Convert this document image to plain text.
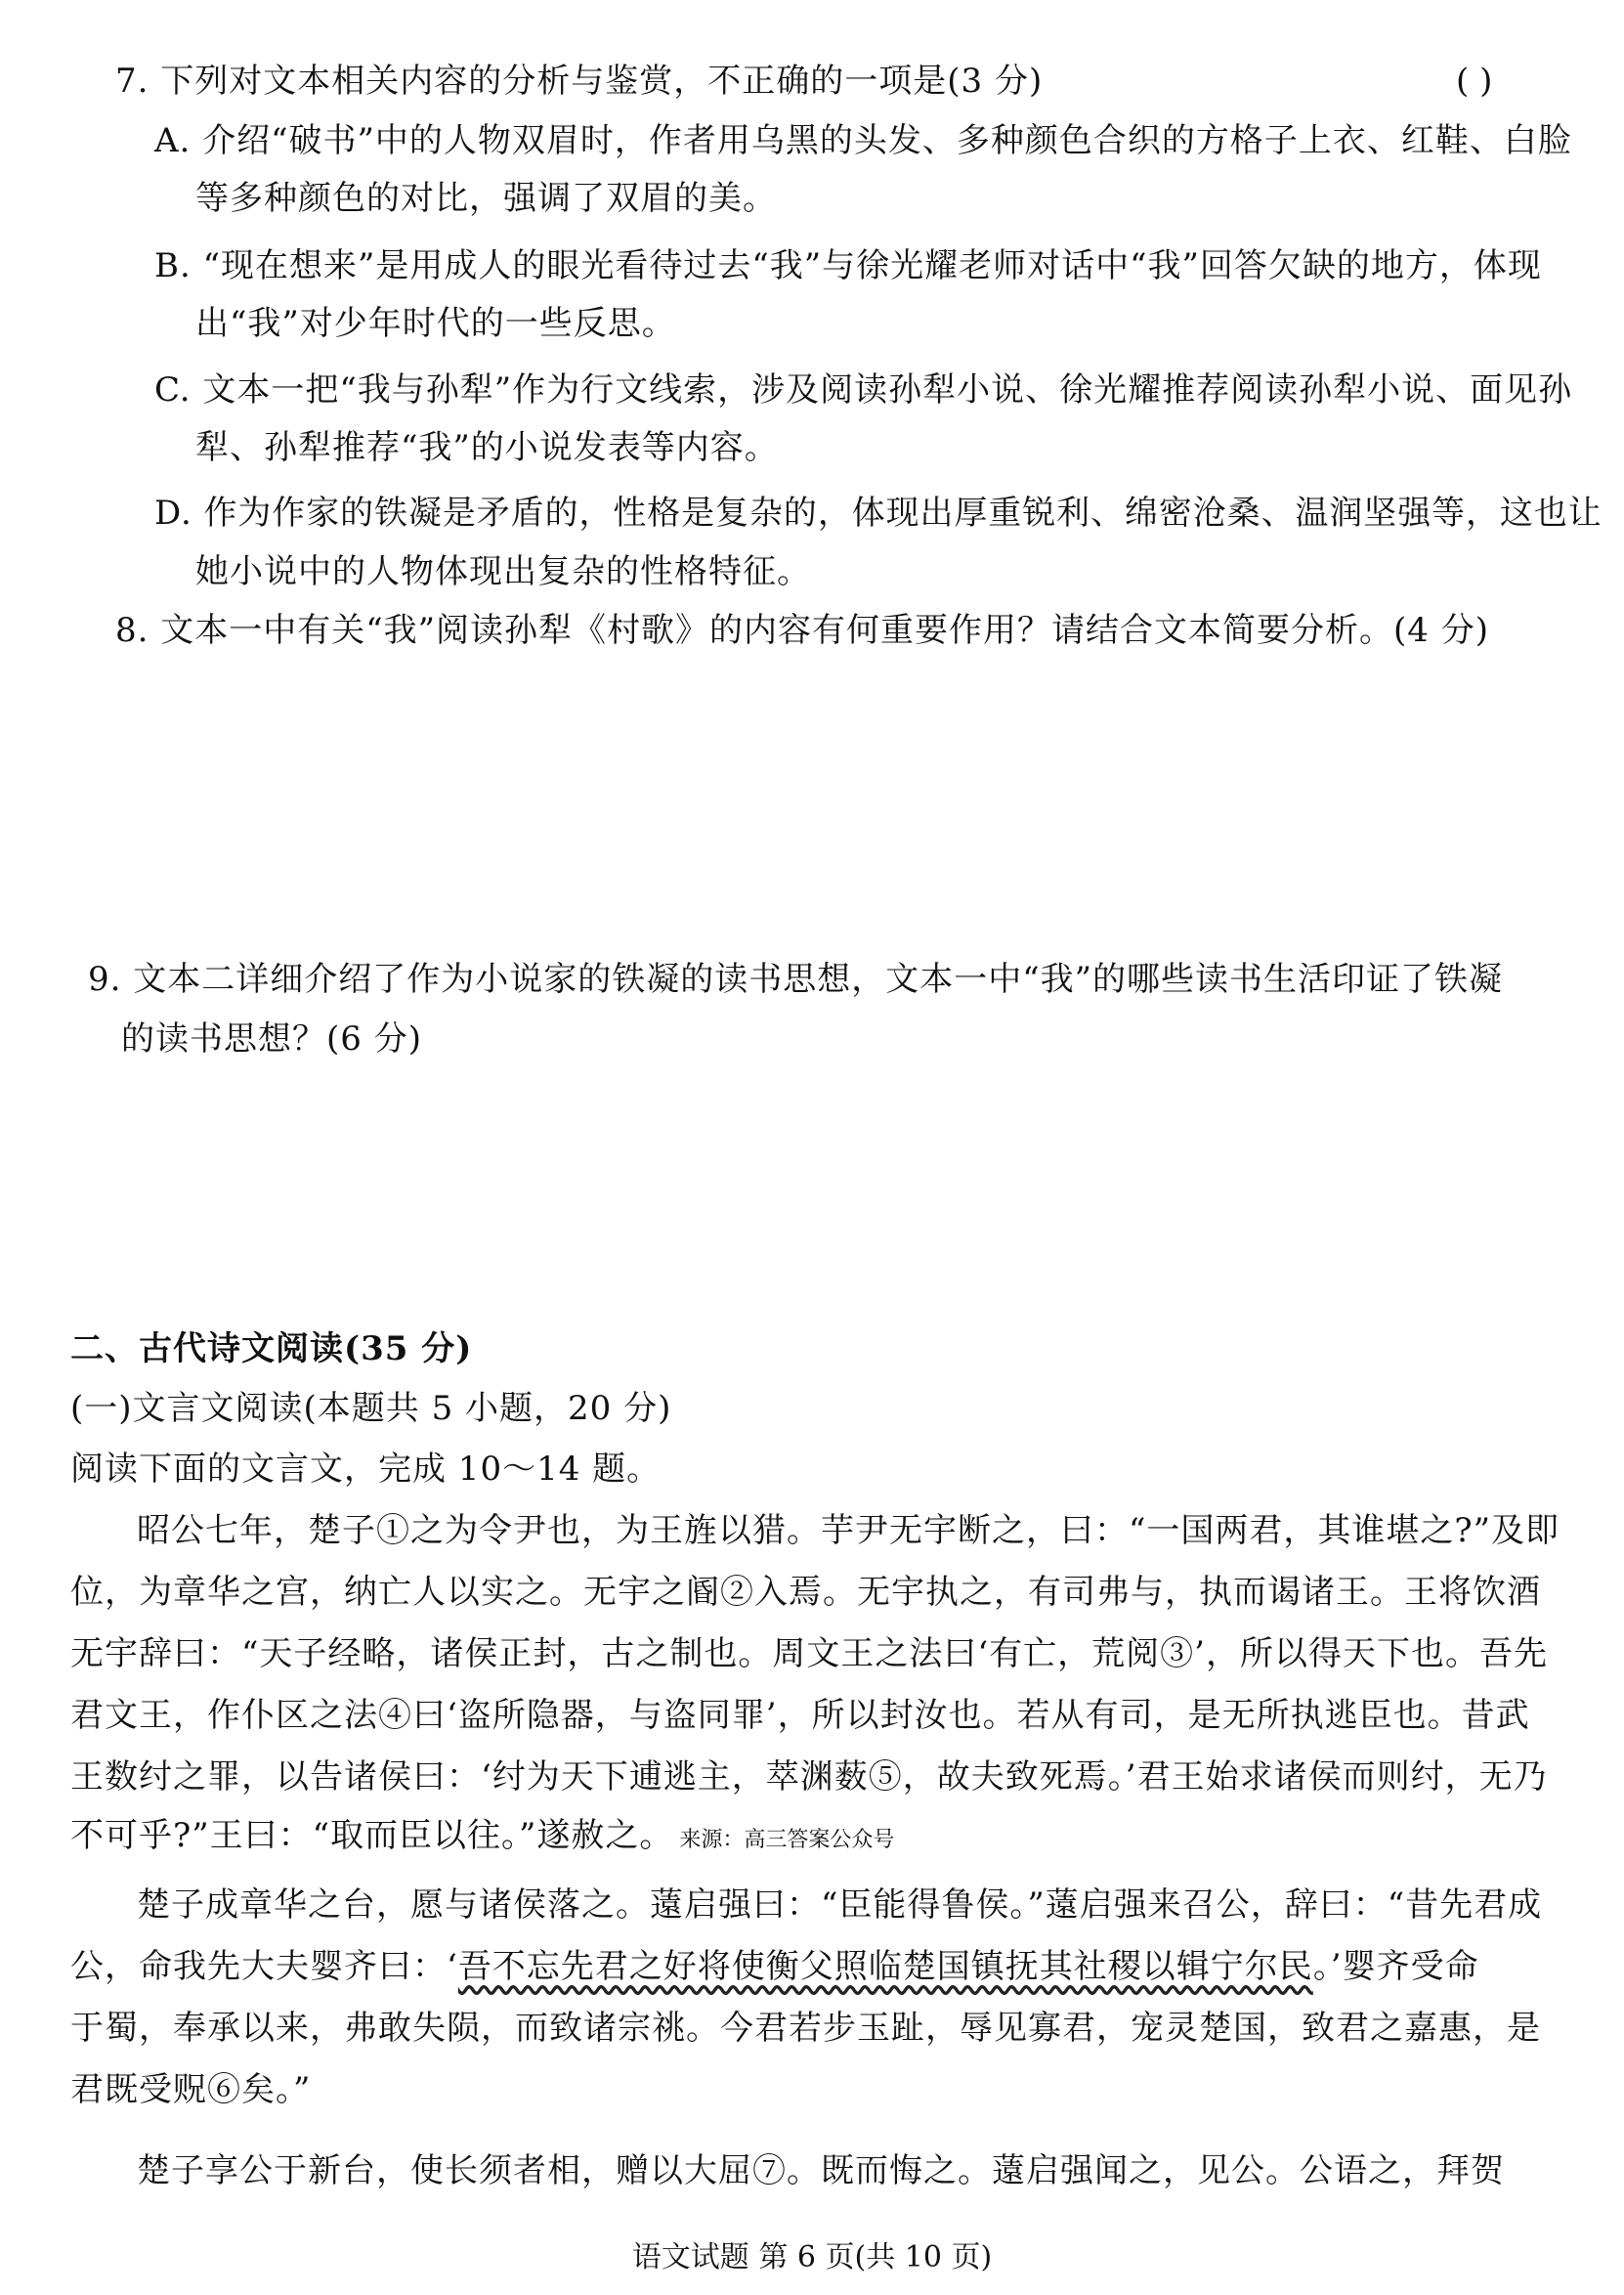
7. 下列对文本相关内容的分析与鉴赏，不正确的一项是(3 分)	( )
A. 介绍“破书”中的人物双眉时，作者用乌黑的头发、多种颜色合织的方格子上衣、红鞋、白脸
等多种颜色的对比，强调了双眉的美。
B. “现在想来”是用成人的眼光看待过去“我”与徐光耀老师对话中“我”回答欠缺的地方，体现
出“我”对少年时代的一些反思。
C. 文本一把“我与孙犁”作为行文线索，涉及阅读孙犁小说、徐光耀推荐阅读孙犁小说、面见孙
犁、孙犁推荐“我”的小说发表等内容。
D. 作为作家的铁凝是矛盾的，性格是复杂的，体现出厚重锐利、绵密沧桑、温润坚强等，这也让
她小说中的人物体现出复杂的性格特征。
8. 文本一中有关“我”阅读孙犁《村歌》的内容有何重要作用？请结合文本简要分析。(4 分)
9. 文本二详细介绍了作为小说家的铁凝的读书思想，文本一中“我”的哪些读书生活印证了铁凝
的读书思想？(6 分)
二、古代诗文阅读(35 分)
(一)文言文阅读(本题共 5 小题，20 分)
阅读下面的文言文，完成 10～14 题。
昭公七年，楚子①之为令尹也，为王旌以猎。芋尹无宇断之，曰：“一国两君，其谁堪之?”及即
位，为章华之宫，纳亡人以实之。无宇之阍②入焉。无宇执之，有司弗与，执而谒诸王。王将饮酒
无宇辞曰：“天子经略，诸侯正封，古之制也。周文王之法曰‘有亡，荒阅③’，所以得天下也。吾先
君文王，作仆区之法④曰‘盗所隐器，与盗同罪’，所以封汝也。若从有司，是无所执逃臣也。昔武
王数纣之罪，以告诸侯曰：‘纣为天下逋逃主，萃渊薮⑤，故夫致死焉。’君王始求诸侯而则纣，无乃
不可乎?”王曰：“取而臣以往。”遂赦之。 来源：高三答案公众号
楚子成章华之台，愿与诸侯落之。薳启强曰：“臣能得鲁侯。”薳启强来召公，辞曰：“昔先君成
公，命我先大夫婴齐曰：‘吾不忘先君之好将使衡父照临楚国镇抚其社稷以辑宁尔民。’婴齐受命
于蜀，奉承以来，弗敢失陨，而致诸宗祧。今君若步玉趾，辱见寡君，宠灵楚国，致君之嘉惠，是
君既受贶⑥矣。”
楚子享公于新台，使长须者相，赠以大屈⑦。既而悔之。薳启强闻之，见公。公语之，拜贺
语文试题 第 6 页(共 10 页)
